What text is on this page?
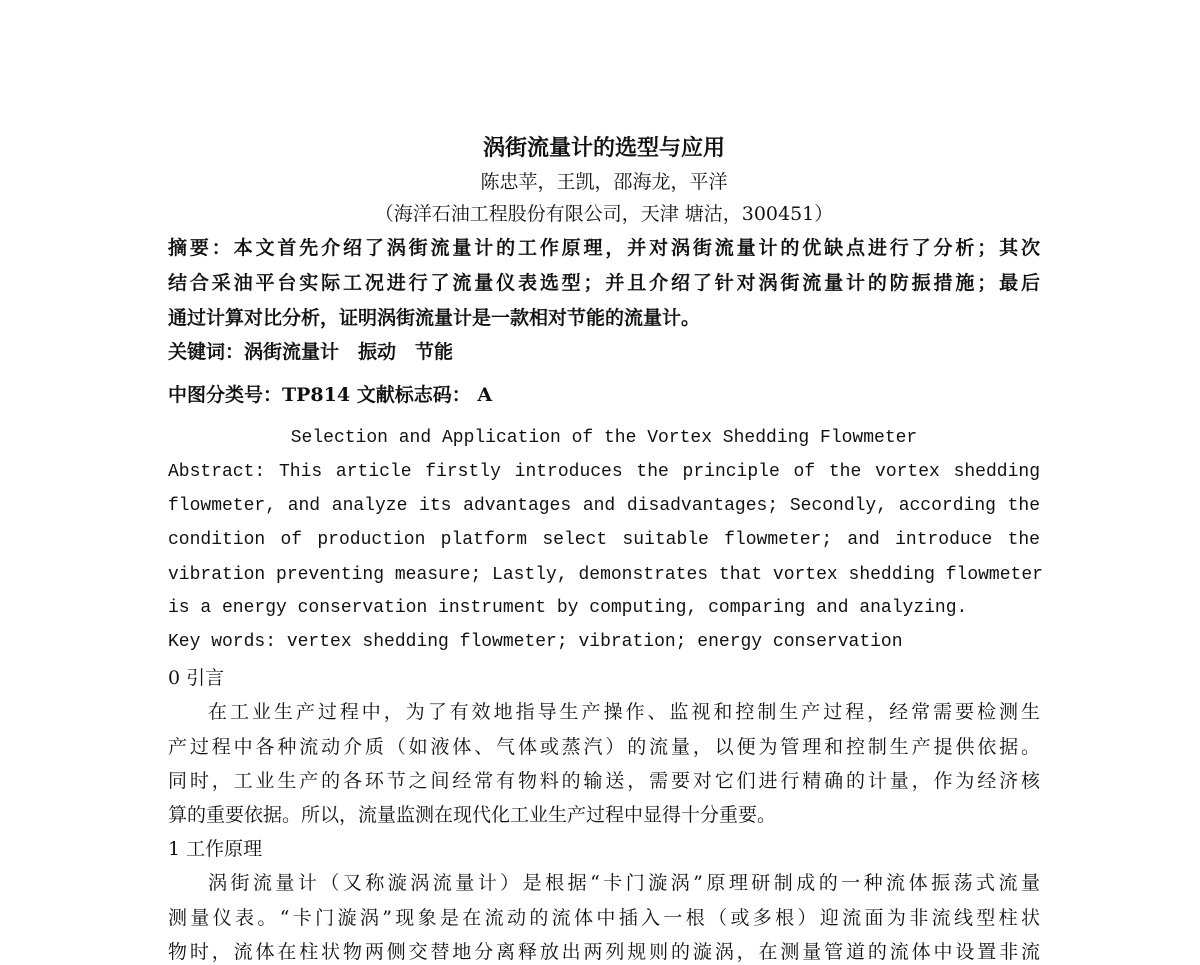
涡街流量计的选型与应用
陈忠苹，王凯，邵海龙，平洋
（海洋石油工程股份有限公司，天津 塘沽，300451）
摘要：本文首先介绍了涡街流量计的工作原理，并对涡街流量计的优缺点进行了分析；其次
结合采油平台实际工况进行了流量仪表选型；并且介绍了针对涡街流量计的防振措施；最后
通过计算对比分析，证明涡街流量计是一款相对节能的流量计。
关键词：涡街流量计　振动　节能
中图分类号：TP814 文献标志码： A
Selection and Application of the Vortex Shedding Flowmeter
Abstract: This article firstly introduces the principle of the vortex shedding
flowmeter, and analyze its advantages and disadvantages; Secondly, according the
condition of production platform select suitable flowmeter; and introduce the
vibration preventing measure; Lastly, demonstrates that vortex shedding flowmeter
is a energy conservation instrument by computing, comparing and analyzing.
Key words: vertex shedding flowmeter; vibration; energy conservation
0 引言
在工业生产过程中，为了有效地指导生产操作、监视和控制生产过程，经常需要检测生
产过程中各种流动介质（如液体、气体或蒸汽）的流量，以便为管理和控制生产提供依据。
同时，工业生产的各环节之间经常有物料的输送，需要对它们进行精确的计量，作为经济核
算的重要依据。所以，流量监测在现代化工业生产过程中显得十分重要。
1 工作原理
涡街流量计（又称漩涡流量计）是根据“卡门漩涡”原理研制成的一种流体振荡式流量
测量仪表。“卡门漩涡”现象是在流动的流体中插入一根（或多根）迎流面为非流线型柱状
物时，流体在柱状物两侧交替地分离释放出两列规则的漩涡，在测量管道的流体中设置非流
